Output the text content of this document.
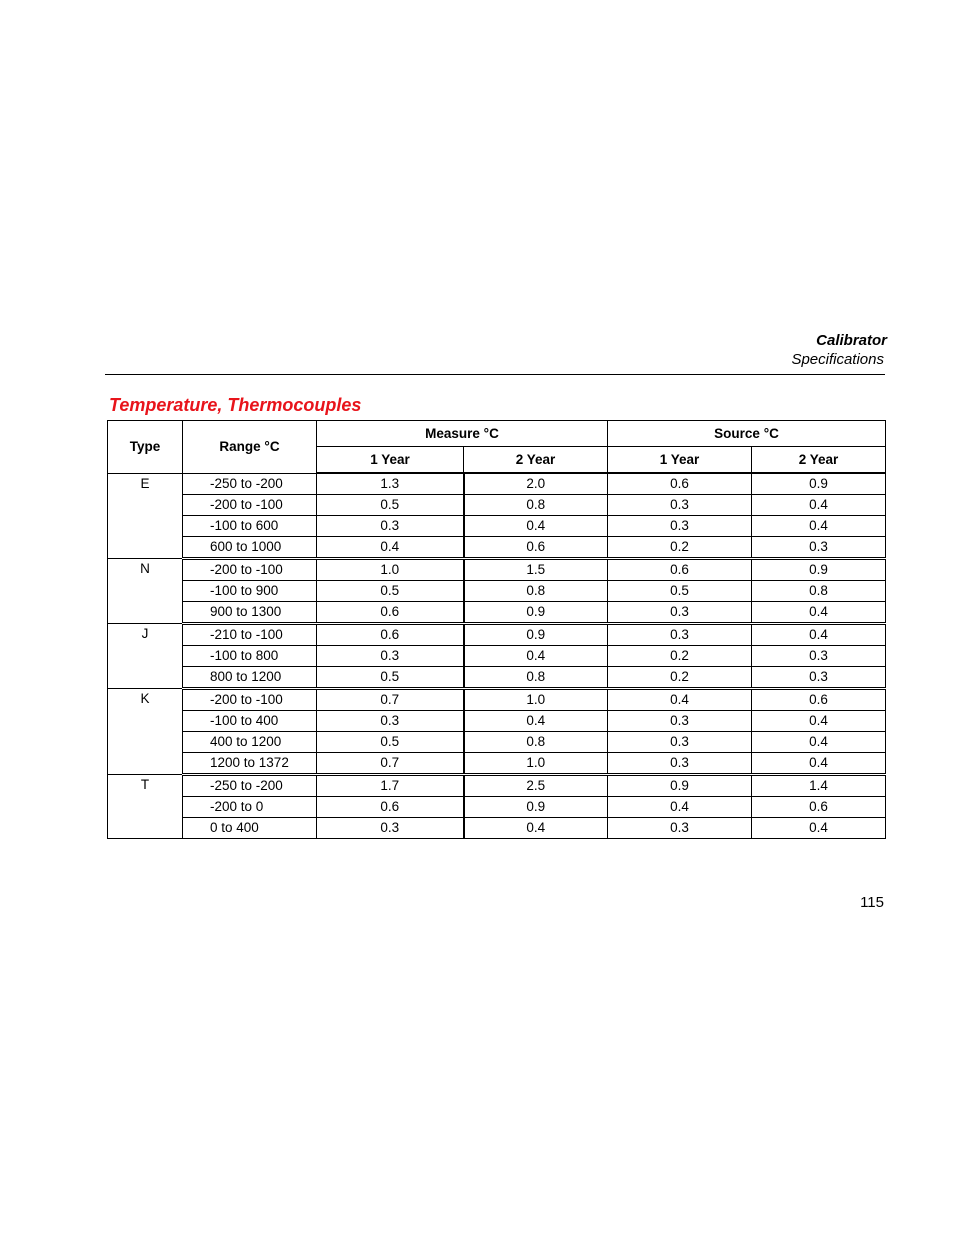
Calibrator
Specifications
Temperature, Thermocouples
Type	Range °C	Measure °C		Source °C	
		1 Year	2 Year	1 Year	2 Year
E	-250 to -200	1.3	2.0	0.6	0.9
	-200 to -100	0.5	0.8	0.3	0.4
	-100 to 600	0.3	0.4	0.3	0.4
	600 to 1000	0.4	0.6	0.2	0.3
N	-200 to -100	1.0	1.5	0.6	0.9
	-100 to 900	0.5	0.8	0.5	0.8
	900 to 1300	0.6	0.9	0.3	0.4
J	-210 to -100	0.6	0.9	0.3	0.4
	-100 to 800	0.3	0.4	0.2	0.3
	800 to 1200	0.5	0.8	0.2	0.3
K	-200 to -100	0.7	1.0	0.4	0.6
	-100 to 400	0.3	0.4	0.3	0.4
	400 to 1200	0.5	0.8	0.3	0.4
	1200 to 1372	0.7	1.0	0.3	0.4
T	-250 to -200	1.7	2.5	0.9	1.4
	-200 to 0	0.6	0.9	0.4	0.6
	0 to 400	0.3	0.4	0.3	0.4
115
